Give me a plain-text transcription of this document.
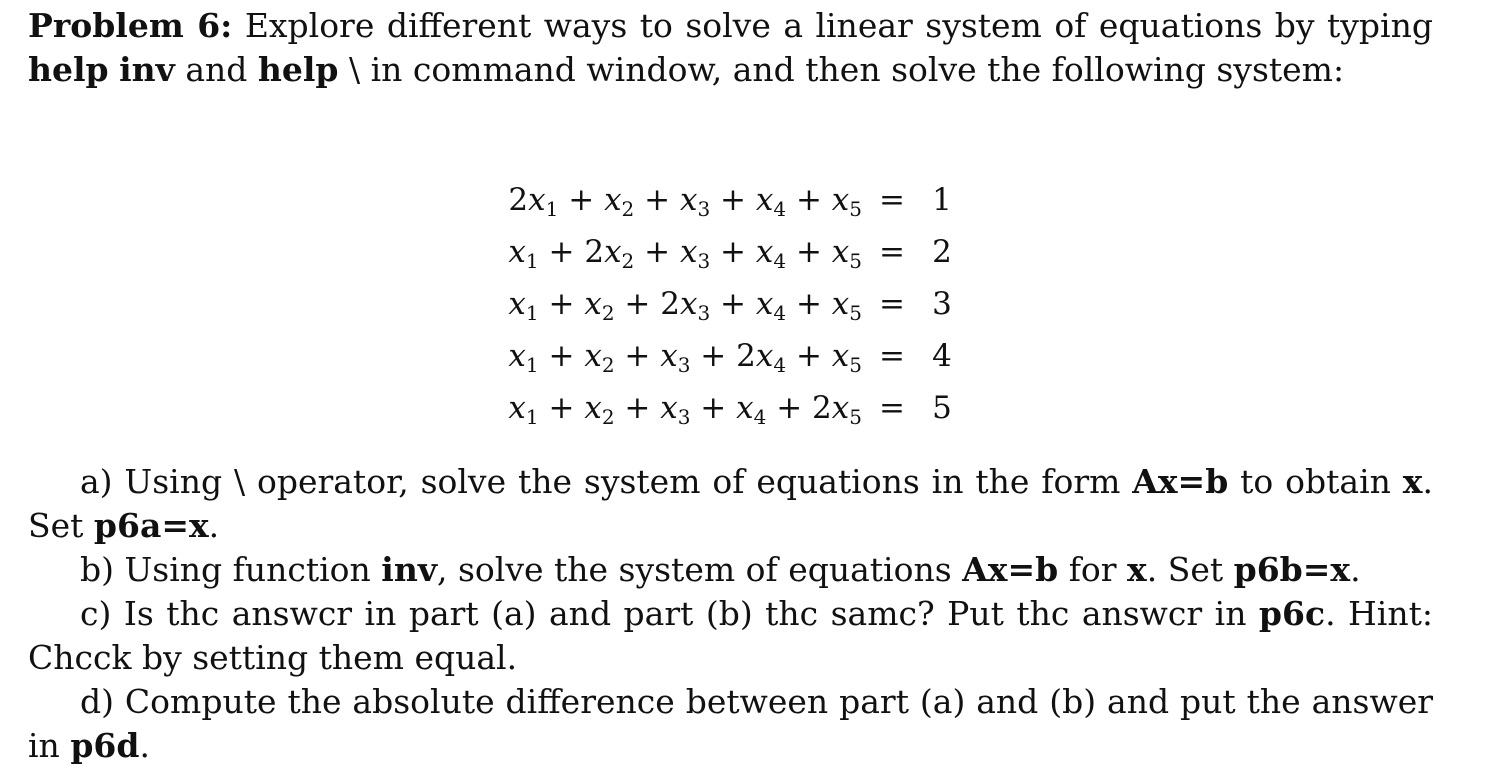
Problem 6: Explore different ways to solve a linear system of equations by typing help inv and help \ in command window, and then solve the following system:

$2x_1 + x_2 + x_3 + x_4 + x_5 = 1$
$x_1 + 2x_2 + x_3 + x_4 + x_5 = 2$
$x_1 + x_2 + 2x_3 + x_4 + x_5 = 3$
$x_1 + x_2 + x_3 + 2x_4 + x_5 = 4$
$x_1 + x_2 + x_3 + x_4 + 2x_5 = 5$

a) Using \ operator, solve the system of equations in the form Ax=b to obtain x. Set p6a=x.

b) Using function inv, solve the system of equations Ax=b for x. Set p6b=x.

c) Is thc answcr in part (a) and part (b) thc samc? Put thc answcr in p6c. Hint: Chcck by setting them equal.

d) Compute the absolute difference between part (a) and (b) and put the answer in p6d.
